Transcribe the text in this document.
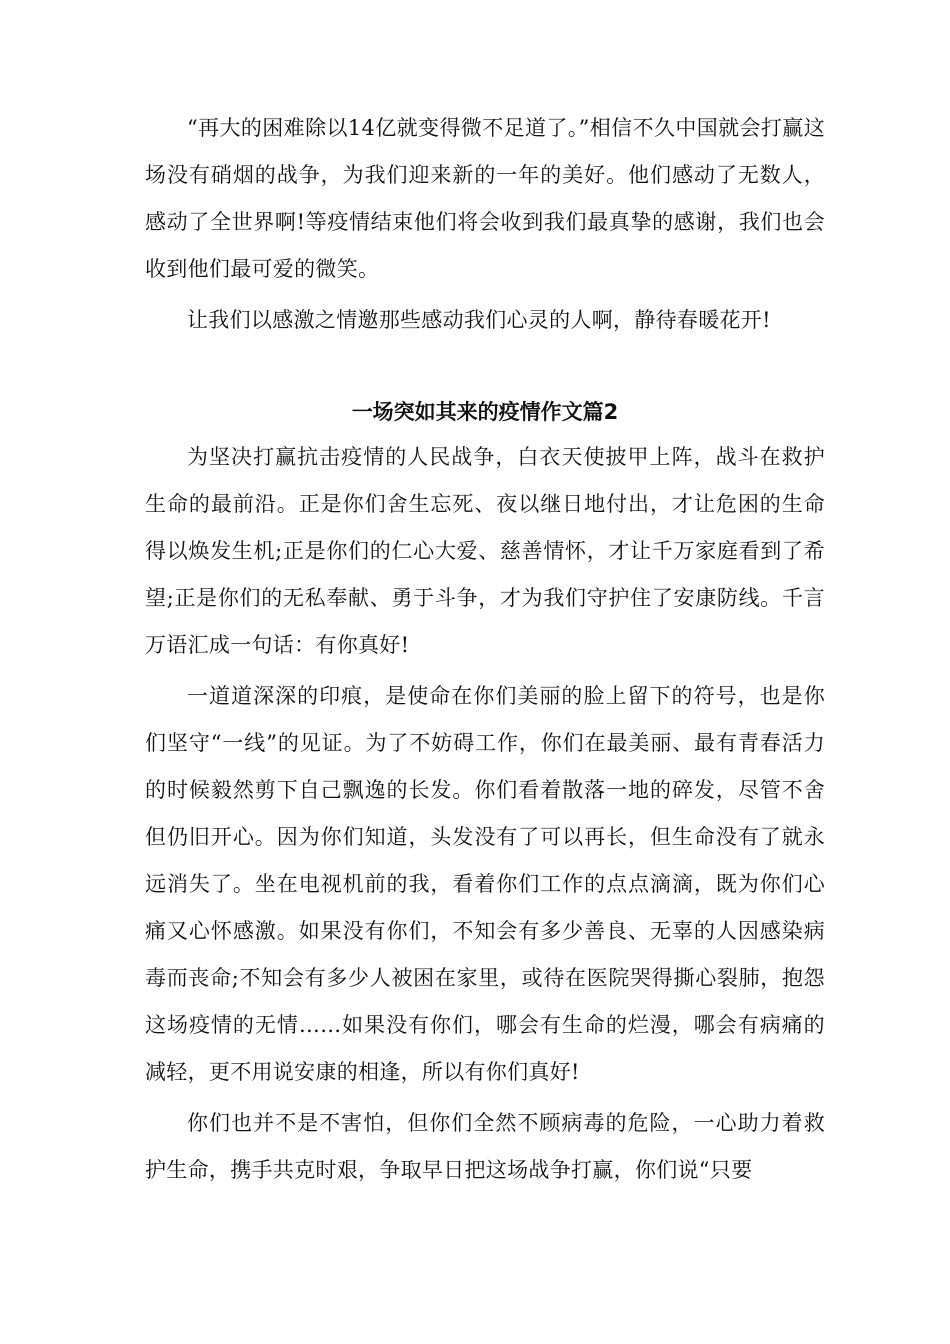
“再大的困难除以14亿就变得微不足道了。”相信不久中国就会打赢这场没有硝烟的战争，为我们迎来新的一年的美好。他们感动了无数人，感动了全世界啊!等疫情结束他们将会收到我们最真挚的感谢，我们也会收到他们最可爱的微笑。

让我们以感激之情邀那些感动我们心灵的人啊，静待春暖花开!

一场突如其来的疫情作文篇2

为坚决打赢抗击疫情的人民战争，白衣天使披甲上阵，战斗在救护生命的最前沿。正是你们舍生忘死、夜以继日地付出，才让危困的生命得以焕发生机;正是你们的仁心大爱、慈善情怀，才让千万家庭看到了希望;正是你们的无私奉献、勇于斗争，才为我们守护住了安康防线。千言万语汇成一句话：有你真好!

一道道深深的印痕，是使命在你们美丽的脸上留下的符号，也是你们坚守“一线”的见证。为了不妨碍工作，你们在最美丽、最有青春活力的时候毅然剪下自己飘逸的长发。你们看着散落一地的碎发，尽管不舍但仍旧开心。因为你们知道，头发没有了可以再长，但生命没有了就永远消失了。坐在电视机前的我，看着你们工作的点点滴滴，既为你们心痛又心怀感激。如果没有你们，不知会有多少善良、无辜的人因感染病毒而丧命;不知会有多少人被困在家里，或待在医院哭得撕心裂肺，抱怨这场疫情的无情……如果没有你们，哪会有生命的烂漫，哪会有病痛的减轻，更不用说安康的相逢，所以有你们真好!

你们也并不是不害怕，但你们全然不顾病毒的危险，一心助力着救护生命，携手共克时艰，争取早日把这场战争打赢，你们说“只要
